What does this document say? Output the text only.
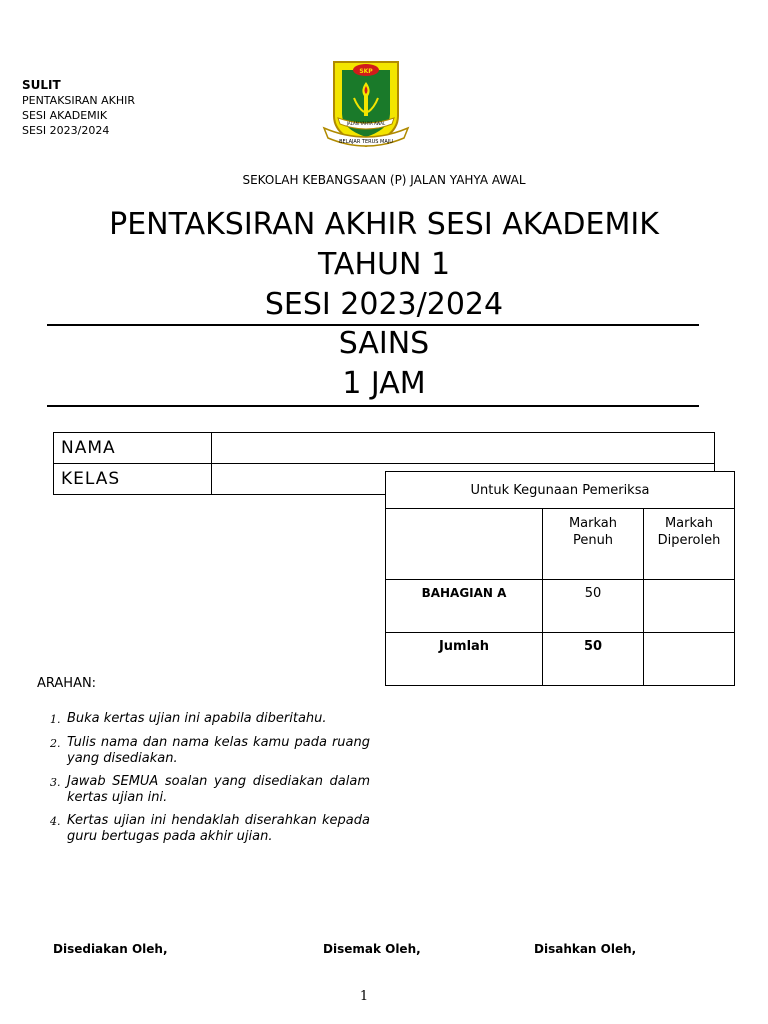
SULIT
PENTAKSIRAN AKHIR
SESI AKADEMIK
SESI 2023/2024
SKP
BELAJAR TERUS MAJU
JALAN YAHYA AWAL
SEKOLAH KEBANGSAAN (P) JALAN YAHYA AWAL
PENTAKSIRAN AKHIR SESI AKADEMIK
TAHUN 1
SESI 2023/2024
SAINS
1 JAM
NAMA	
KELAS	
Untuk Kegunaan Pemeriksa		
	Markah Penuh	Markah Diperoleh
BAHAGIAN A	50	
Jumlah	50	
ARAHAN:
1. Buka kertas ujian ini apabila diberitahu.
2. Tulis nama dan nama kelas kamu pada ruang yang disediakan.
3. Jawab SEMUA soalan yang disediakan dalam kertas ujian ini.
4. Kertas ujian ini hendaklah diserahkan kepada guru bertugas pada akhir ujian.
Disediakan Oleh,	Disemak Oleh,	Disahkan Oleh,
1
